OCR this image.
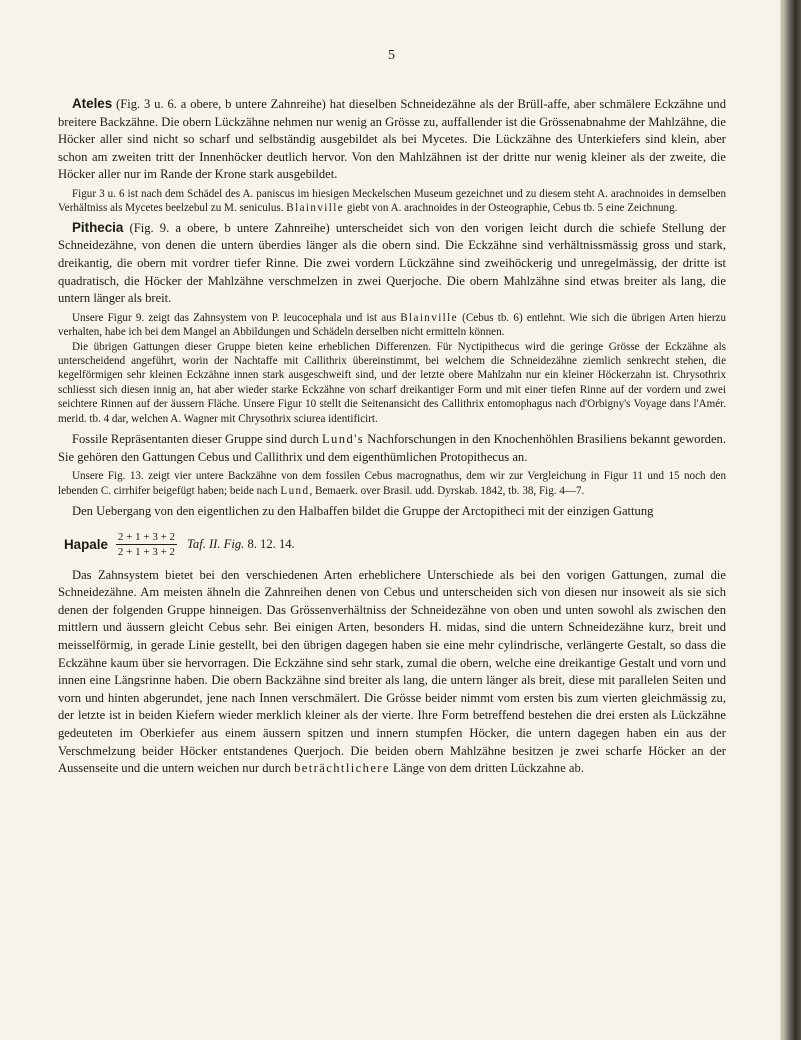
5

Ateles (Fig. 3 u. 6. a obere, b untere Zahnreihe) hat dieselben Schneidezähne als der Brüll-affe, aber schmälere Eckzähne und breitere Backzähne. Die obern Lückzähne nehmen nur wenig an Grösse zu, auffallender ist die Grössenabnahme der Mahlzähne, die Höcker aller sind nicht so scharf und selbständig ausgebildet als bei Mycetes. Die Lückzähne des Unterkiefers sind klein, aber schon am zweiten tritt der Innenhöcker deutlich hervor. Von den Mahlzähnen ist der dritte nur wenig kleiner als der zweite, die Höcker aller nur im Rande der Krone stark ausgebildet.

Figur 3 u. 6 ist nach dem Schädel des A. paniscus im hiesigen Meckelschen Museum gezeichnet und zu diesem steht A. arachnoides in demselben Verhältniss als Mycetes beelzebul zu M. seniculus. Blainville giebt von A. arachnoides in der Osteographie, Cebus tb. 5 eine Zeichnung.

Pithecia (Fig. 9. a obere, b untere Zahnreihe) unterscheidet sich von den vorigen leicht durch die schiefe Stellung der Schneidezähne, von denen die untern überdies länger als die obern sind. Die Eckzähne sind verhältnissmässig gross und stark, dreikantig, die obern mit vordrer tiefer Rinne. Die zwei vordern Lückzähne sind zweihöckerig und unregelmässig, der dritte ist quadratisch, die Höcker der Mahlzähne verschmelzen in zwei Querjoche. Die obern Mahlzähne sind etwas breiter als lang, die untern länger als breit.

Unsere Figur 9. zeigt das Zahnsystem von P. leucocephala und ist aus Blainville (Cebus tb. 6) entlehnt. Wie sich die übrigen Arten hierzu verhalten, habe ich bei dem Mangel an Abbildungen und Schädeln derselben nicht ermitteln können.

Die übrigen Gattungen dieser Gruppe bieten keine erheblichen Differenzen. Für Nyctipithecus wird die geringe Grösse der Eckzähne als unterscheidend angeführt, worin der Nachtaffe mit Callithrix übereinstimmt, bei welchem die Schneidezähne ziemlich senkrecht stehen, die kegelförmigen sehr kleinen Eckzähne innen stark ausgeschweift sind, und der letzte obere Mahlzahn nur ein kleiner Höckerzahn ist. Chrysothrix schliesst sich diesen innig an, hat aber wieder starke Eckzähne von scharf dreikantiger Form und mit einer tiefen Rinne auf der vordern und zwei seichtere Rinnen auf der äussern Fläche. Unsere Figur 10 stellt die Seitenansicht des Callithrix entomophagus nach d'Orbigny's Voyage dans l'Amér. merid. tb. 4 dar, welchen A. Wagner mit Chrysothrix sciurea identificirt.

Fossile Repräsentanten dieser Gruppe sind durch Lund's Nachforschungen in den Knochenhöhlen Brasiliens bekannt geworden. Sie gehören den Gattungen Cebus und Callithrix und dem eigenthümlichen Protopithecus an.

Unsere Fig. 13. zeigt vier untere Backzähne von dem fossilen Cebus macrognathus, dem wir zur Vergleichung in Figur 11 und 15 noch den lebenden C. cirrhifer beigefügt haben; beide nach Lund, Bemaerk. over Brasil. udd. Dyrskab. 1842, tb. 38, Fig. 4—7.

Den Uebergang von den eigentlichen zu den Halbaffen bildet die Gruppe der Arctopitheci mit der einzigen Gattung

Hapale $\frac{2 + 1 + 3 + 2}{2 + 1 + 3 + 2}$ Taf. II. Fig. 8. 12. 14.

Das Zahnsystem bietet bei den verschiedenen Arten erheblichere Unterschiede als bei den vorigen Gattungen, zumal die Schneidezähne. Am meisten ähneln die Zahnreihen denen von Cebus und unterscheiden sich von diesen nur insoweit als sie sich denen der folgenden Gruppe hinneigen. Das Grössenverhältniss der Schneidezähne von oben und unten sowohl als zwischen den mittlern und äussern gleicht Cebus sehr. Bei einigen Arten, besonders H. midas, sind die untern Schneidezähne kurz, breit und meisselförmig, in gerade Linie gestellt, bei den übrigen dagegen haben sie eine mehr cylindrische, verlängerte Gestalt, so dass die Eckzähne kaum über sie hervorragen. Die Eckzähne sind sehr stark, zumal die obern, welche eine dreikantige Gestalt und vorn und innen eine Längsrinne haben. Die obern Backzähne sind breiter als lang, die untern länger als breit, diese mit parallelen Seiten und vorn und hinten abgerundet, jene nach Innen verschmälert. Die Grösse beider nimmt vom ersten bis zum vierten gleichmässig zu, der letzte ist in beiden Kiefern wieder merklich kleiner als der vierte. Ihre Form betreffend bestehen die drei ersten als Lückzähne gedeuteten im Oberkiefer aus einem äussern spitzen und innern stumpfen Höcker, die untern dagegen haben ein aus der Verschmelzung beider Höcker entstandenes Querjoch. Die beiden obern Mahlzähne besitzen je zwei scharfe Höcker an der Aussenseite und die untern weichen nur durch beträchtlichere Länge von dem dritten Lückzahne ab.
